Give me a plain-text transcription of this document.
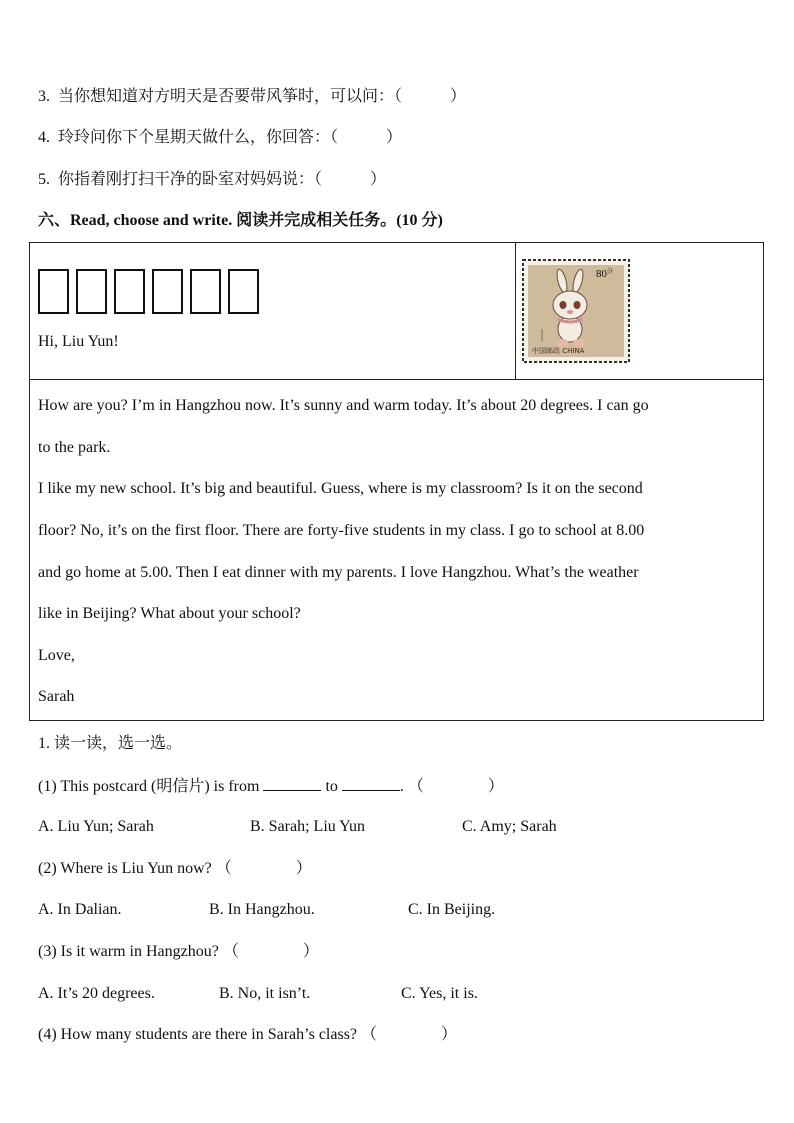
3. 当你想知道对方明天是否要带风筝时，可以问：（　　　）
4. 玲玲问你下个星期天做什么，你回答：（　　　）
5. 你指着刚打扫干净的卧室对妈妈说：（　　　）
六、Read, choose and write. 阅读并完成相关任务。(10 分)
Hi, Liu Yun!
$80^分$
中国邮政 CHINA
How are you? I’m in Hangzhou now. It’s sunny and warm today. It’s about 20 degrees. I can go
to the park.
I like my new school. It’s big and beautiful. Guess, where is my classroom? Is it on the second
floor? No, it’s on the first floor. There are forty-five students in my class. I go to school at 8.00
and go home at 5.00. Then I eat dinner with my parents. I love Hangzhou. What’s the weather
like in Beijing? What about your school?
Love,
Sarah
1. 读一读，选一选。
(1) This postcard (明信片) is from	to	. （　　　　）
A. Liu Yun; Sarah	B. Sarah; Liu Yun	C. Amy; Sarah
(2) Where is Liu Yun now? （　　　　）
A. In Dalian.	B. In Hangzhou.	C. In Beijing.
(3) Is it warm in Hangzhou? （　　　　）
A. It’s 20 degrees.	B. No, it isn’t.	C. Yes, it is.
(4) How many students are there in Sarah’s class? （　　　　）
